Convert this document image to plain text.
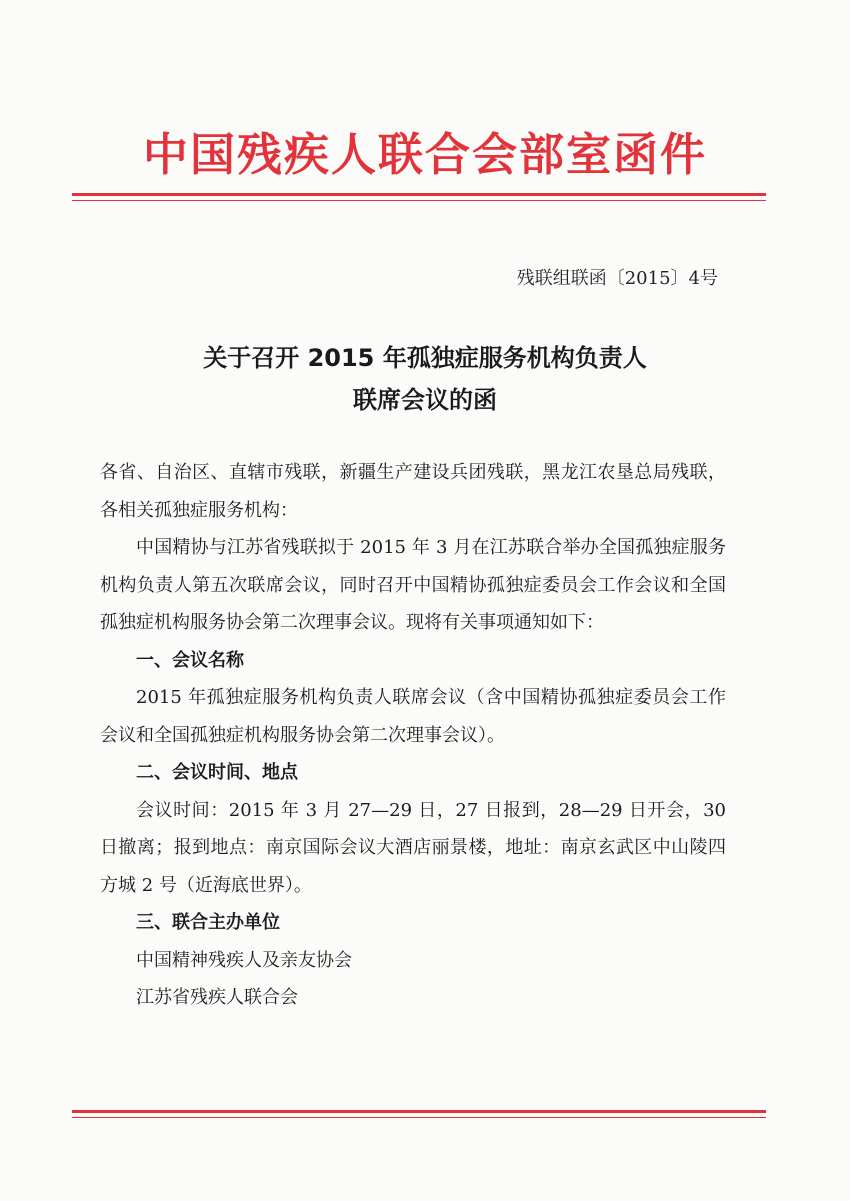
中国残疾人联合会部室函件
残联组联函〔2015〕4号
关于召开 2015 年孤独症服务机构负责人
联席会议的函

各省、自治区、直辖市残联，新疆生产建设兵团残联，黑龙江农垦总局残联，各相关孤独症服务机构：

中国精协与江苏省残联拟于 2015 年 3 月在江苏联合举办全国孤独症服务机构负责人第五次联席会议，同时召开中国精协孤独症委员会工作会议和全国孤独症机构服务协会第二次理事会议。现将有关事项通知如下：

一、会议名称

2015 年孤独症服务机构负责人联席会议（含中国精协孤独症委员会工作会议和全国孤独症机构服务协会第二次理事会议）。

二、会议时间、地点

会议时间：2015 年 3 月 27—29 日，27 日报到，28—29 日开会，30 日撤离；报到地点：南京国际会议大酒店丽景楼，地址：南京玄武区中山陵四方城 2 号（近海底世界）。

三、联合主办单位

中国精神残疾人及亲友协会

江苏省残疾人联合会
